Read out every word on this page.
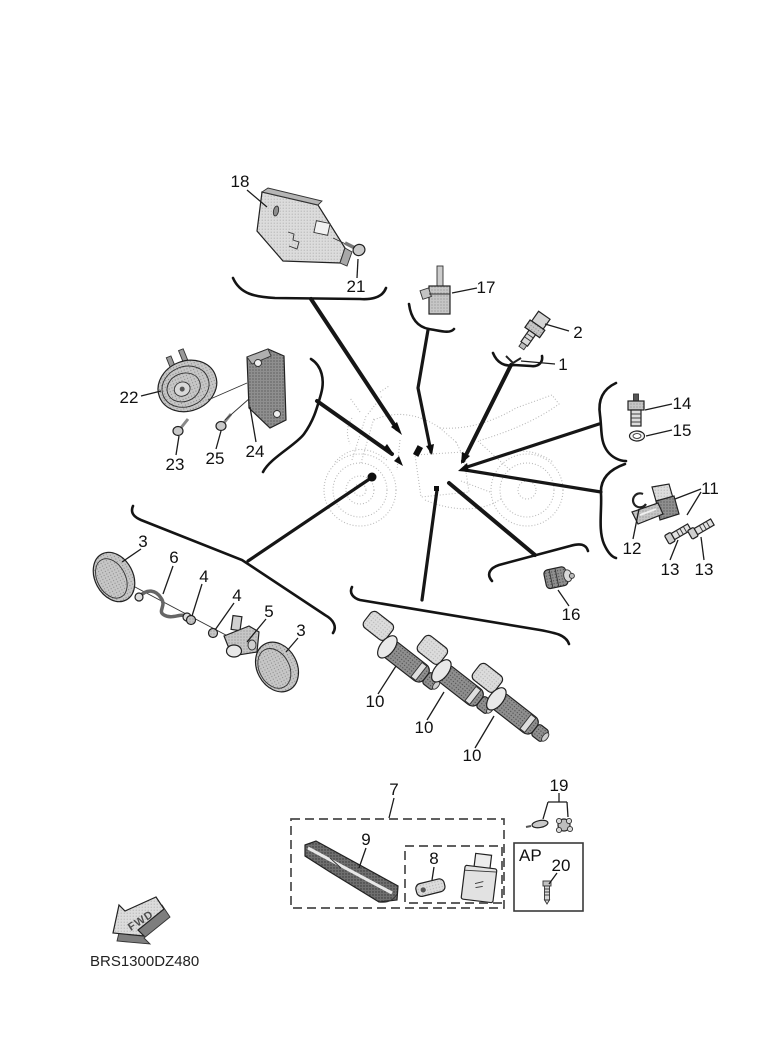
18
21	17
2
1
14
15
22
23 25 24
11
12
13 13
16
3
6
4
4
5
3
10
10
10
7
9
8
19
20
AP
FWD
BRS1300DZ480
